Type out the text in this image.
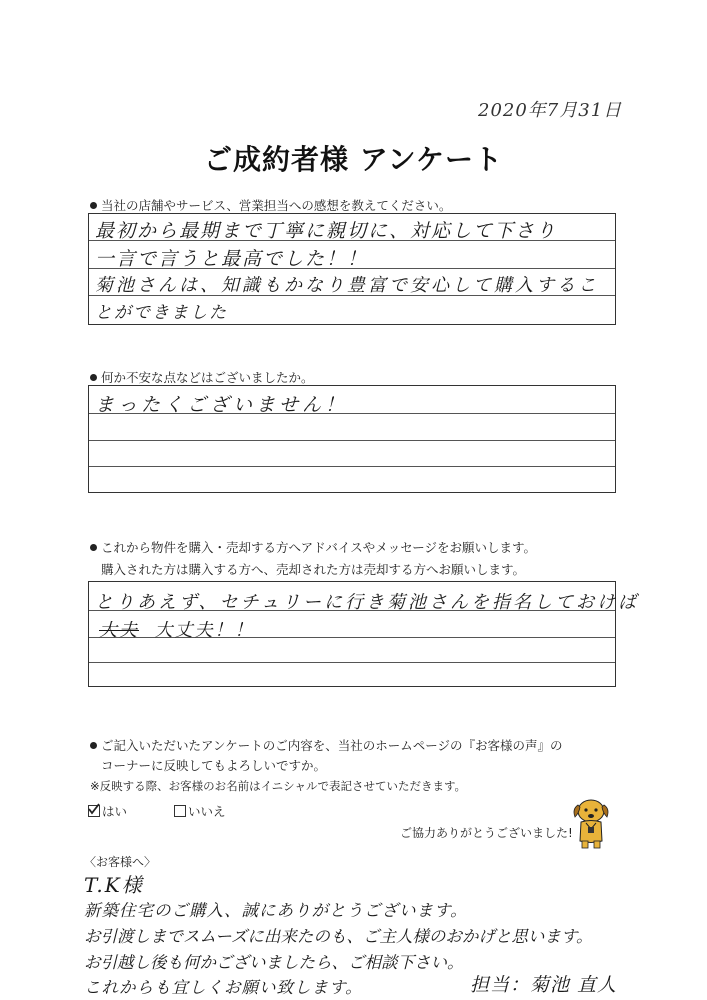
2020年7月31日
ご成約者様 アンケート
当社の店舗やサービス、営業担当への感想を教えてください。
最初から最期まで丁寧に親切に、対応して下さり
一言で言うと最高でした！！
菊池さんは、知識もかなり豊富で安心して購入するこ
とができました
何か不安な点などはございましたか。
まったくございません！
これから物件を購入・売却する方へアドバイスやメッセージをお願いします。
購入された方は購入する方へ、売却された方は売却する方へお願いします。
とりあえず、セチュリーに行き菊池さんを指名しておけば
大夫 大丈夫！！
ご記入いただいたアンケートのご内容を、当社のホームページの『お客様の声』の
コーナーに反映してもよろしいですか。
※反映する際、お客様のお名前はイニシャルで表記させていただきます。
はい	いいえ
ご協力ありがとうございました!
〈お客様へ〉
T.K様
新築住宅のご購入、誠にありがとうございます。
お引渡しまでスムーズに出来たのも、ご主人様のおかげと思います。
お引越し後も何かございましたら、ご相談下さい。
これからも宜しくお願い致します。	担当：菊池 直人
